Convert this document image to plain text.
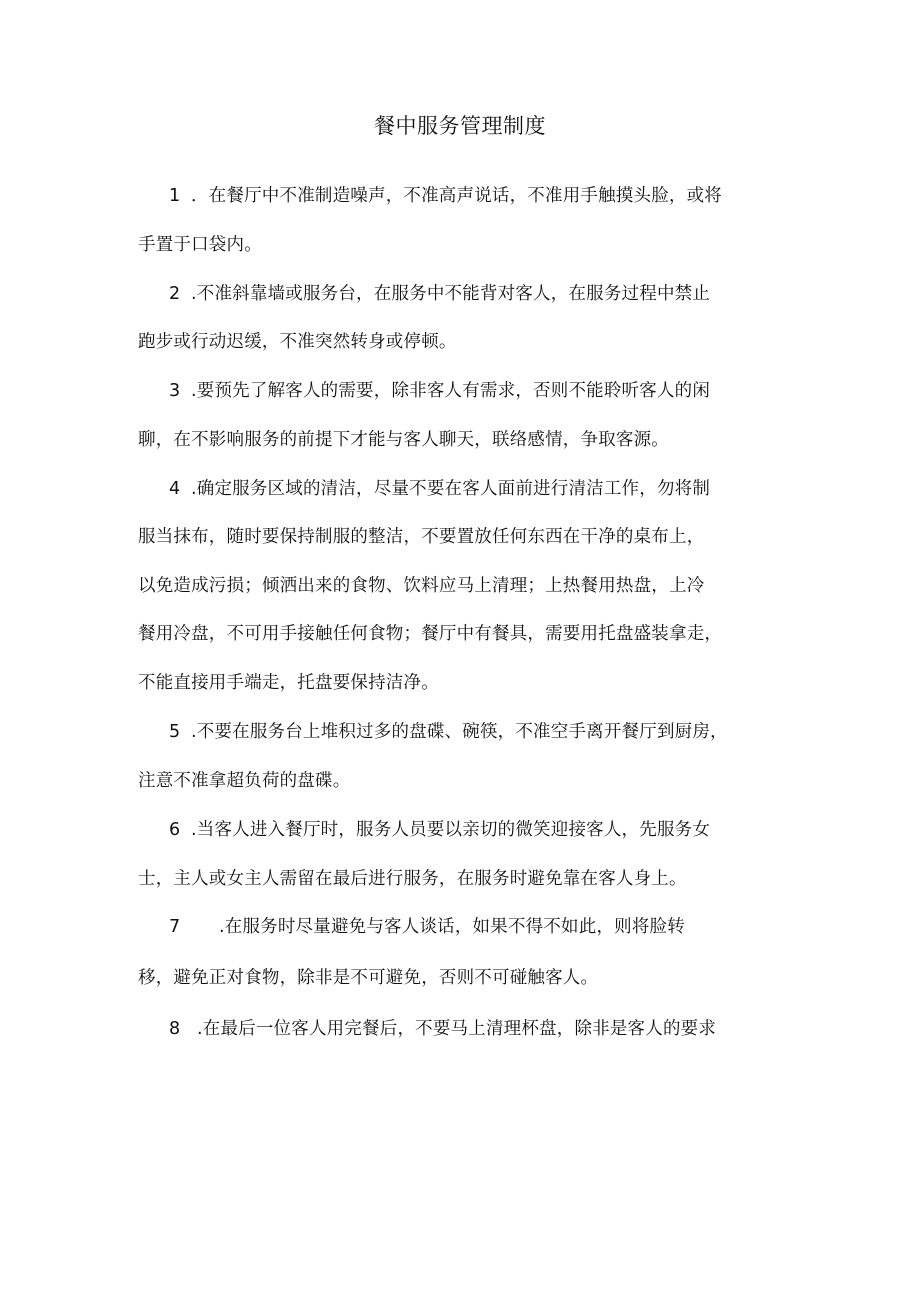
餐中服务管理制度
1 ．在餐厅中不准制造噪声，不准高声说话，不准用手触摸头脸，或将
手置于口袋内。
2 .不准斜靠墙或服务台，在服务中不能背对客人，在服务过程中禁止
跑步或行动迟缓，不准突然转身或停顿。
3 .要预先了解客人的需要，除非客人有需求，否则不能聆听客人的闲
聊，在不影响服务的前提下才能与客人聊天，联络感情，争取客源。
4 .确定服务区域的清洁，尽量不要在客人面前进行清洁工作，勿将制
服当抹布，随时要保持制服的整洁，不要置放任何东西在干净的桌布上，
以免造成污损；倾洒出来的食物、饮料应马上清理；上热餐用热盘，上冷
餐用冷盘，不可用手接触任何食物；餐厅中有餐具，需要用托盘盛装拿走，
不能直接用手端走，托盘要保持洁净。
5 .不要在服务台上堆积过多的盘碟、碗筷，不准空手离开餐厅到厨房，
注意不准拿超负荷的盘碟。
6 .当客人进入餐厅时，服务人员要以亲切的微笑迎接客人，先服务女
士，主人或女主人需留在最后进行服务，在服务时避免靠在客人身上。
7 .在服务时尽量避免与客人谈话，如果不得不如此，则将脸转
移，避免正对食物，除非是不可避免，否则不可碰触客人。
8 .在最后一位客人用完餐后，不要马上清理杯盘，除非是客人的要求
